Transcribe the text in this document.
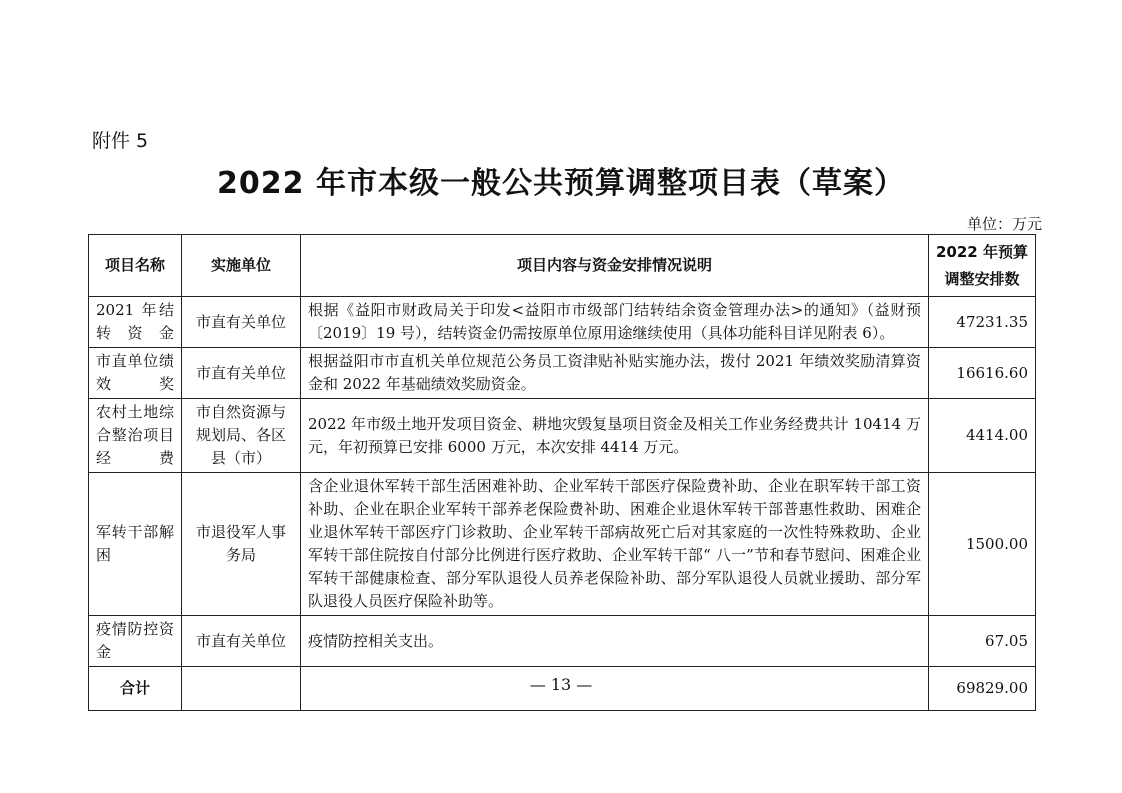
附件 5
2022 年市本级一般公共预算调整项目表（草案）
单位：万元
项目名称	实施单位	项目内容与资金安排情况说明	2022 年预算
调整安排数

2021 年结转资金	市直有关单位	根据《益阳市财政局关于印发<益阳市市级部门结转结余资金管理办法>的通知》（益财预〔2019〕19 号），结转资金仍需按原单位原用途继续使用（具体功能科目详见附表 6）。	47231.35
市直单位绩效奖	市直有关单位	根据益阳市市直机关单位规范公务员工资津贴补贴实施办法，拨付 2021 年绩效奖励清算资金和 2022 年基础绩效奖励资金。	16616.60
农村土地综合整治项目经费	市自然资源与规划局、各区县（市）	2022 年市级土地开发项目资金、耕地灾毁复垦项目资金及相关工作业务经费共计 10414 万元，年初预算已安排 6000 万元，本次安排 4414 万元。	4414.00
军转干部解困	市退役军人事务局	含企业退休军转干部生活困难补助、企业军转干部医疗保险费补助、企业在职军转干部工资补助、企业在职企业军转干部养老保险费补助、困难企业退休军转干部普惠性救助、困难企业退休军转干部医疗门诊救助、企业军转干部病故死亡后对其家庭的一次性特殊救助、企业军转干部住院按自付部分比例进行医疗救助、企业军转干部“ 八一”节和春节慰问、困难企业军转干部健康检查、部分军队退役人员养老保险补助、部分军队退役人员就业援助、部分军队退役人员医疗保险补助等。	1500.00
疫情防控资金	市直有关单位	疫情防控相关支出。	67.05
合计			69829.00
— 13 —
